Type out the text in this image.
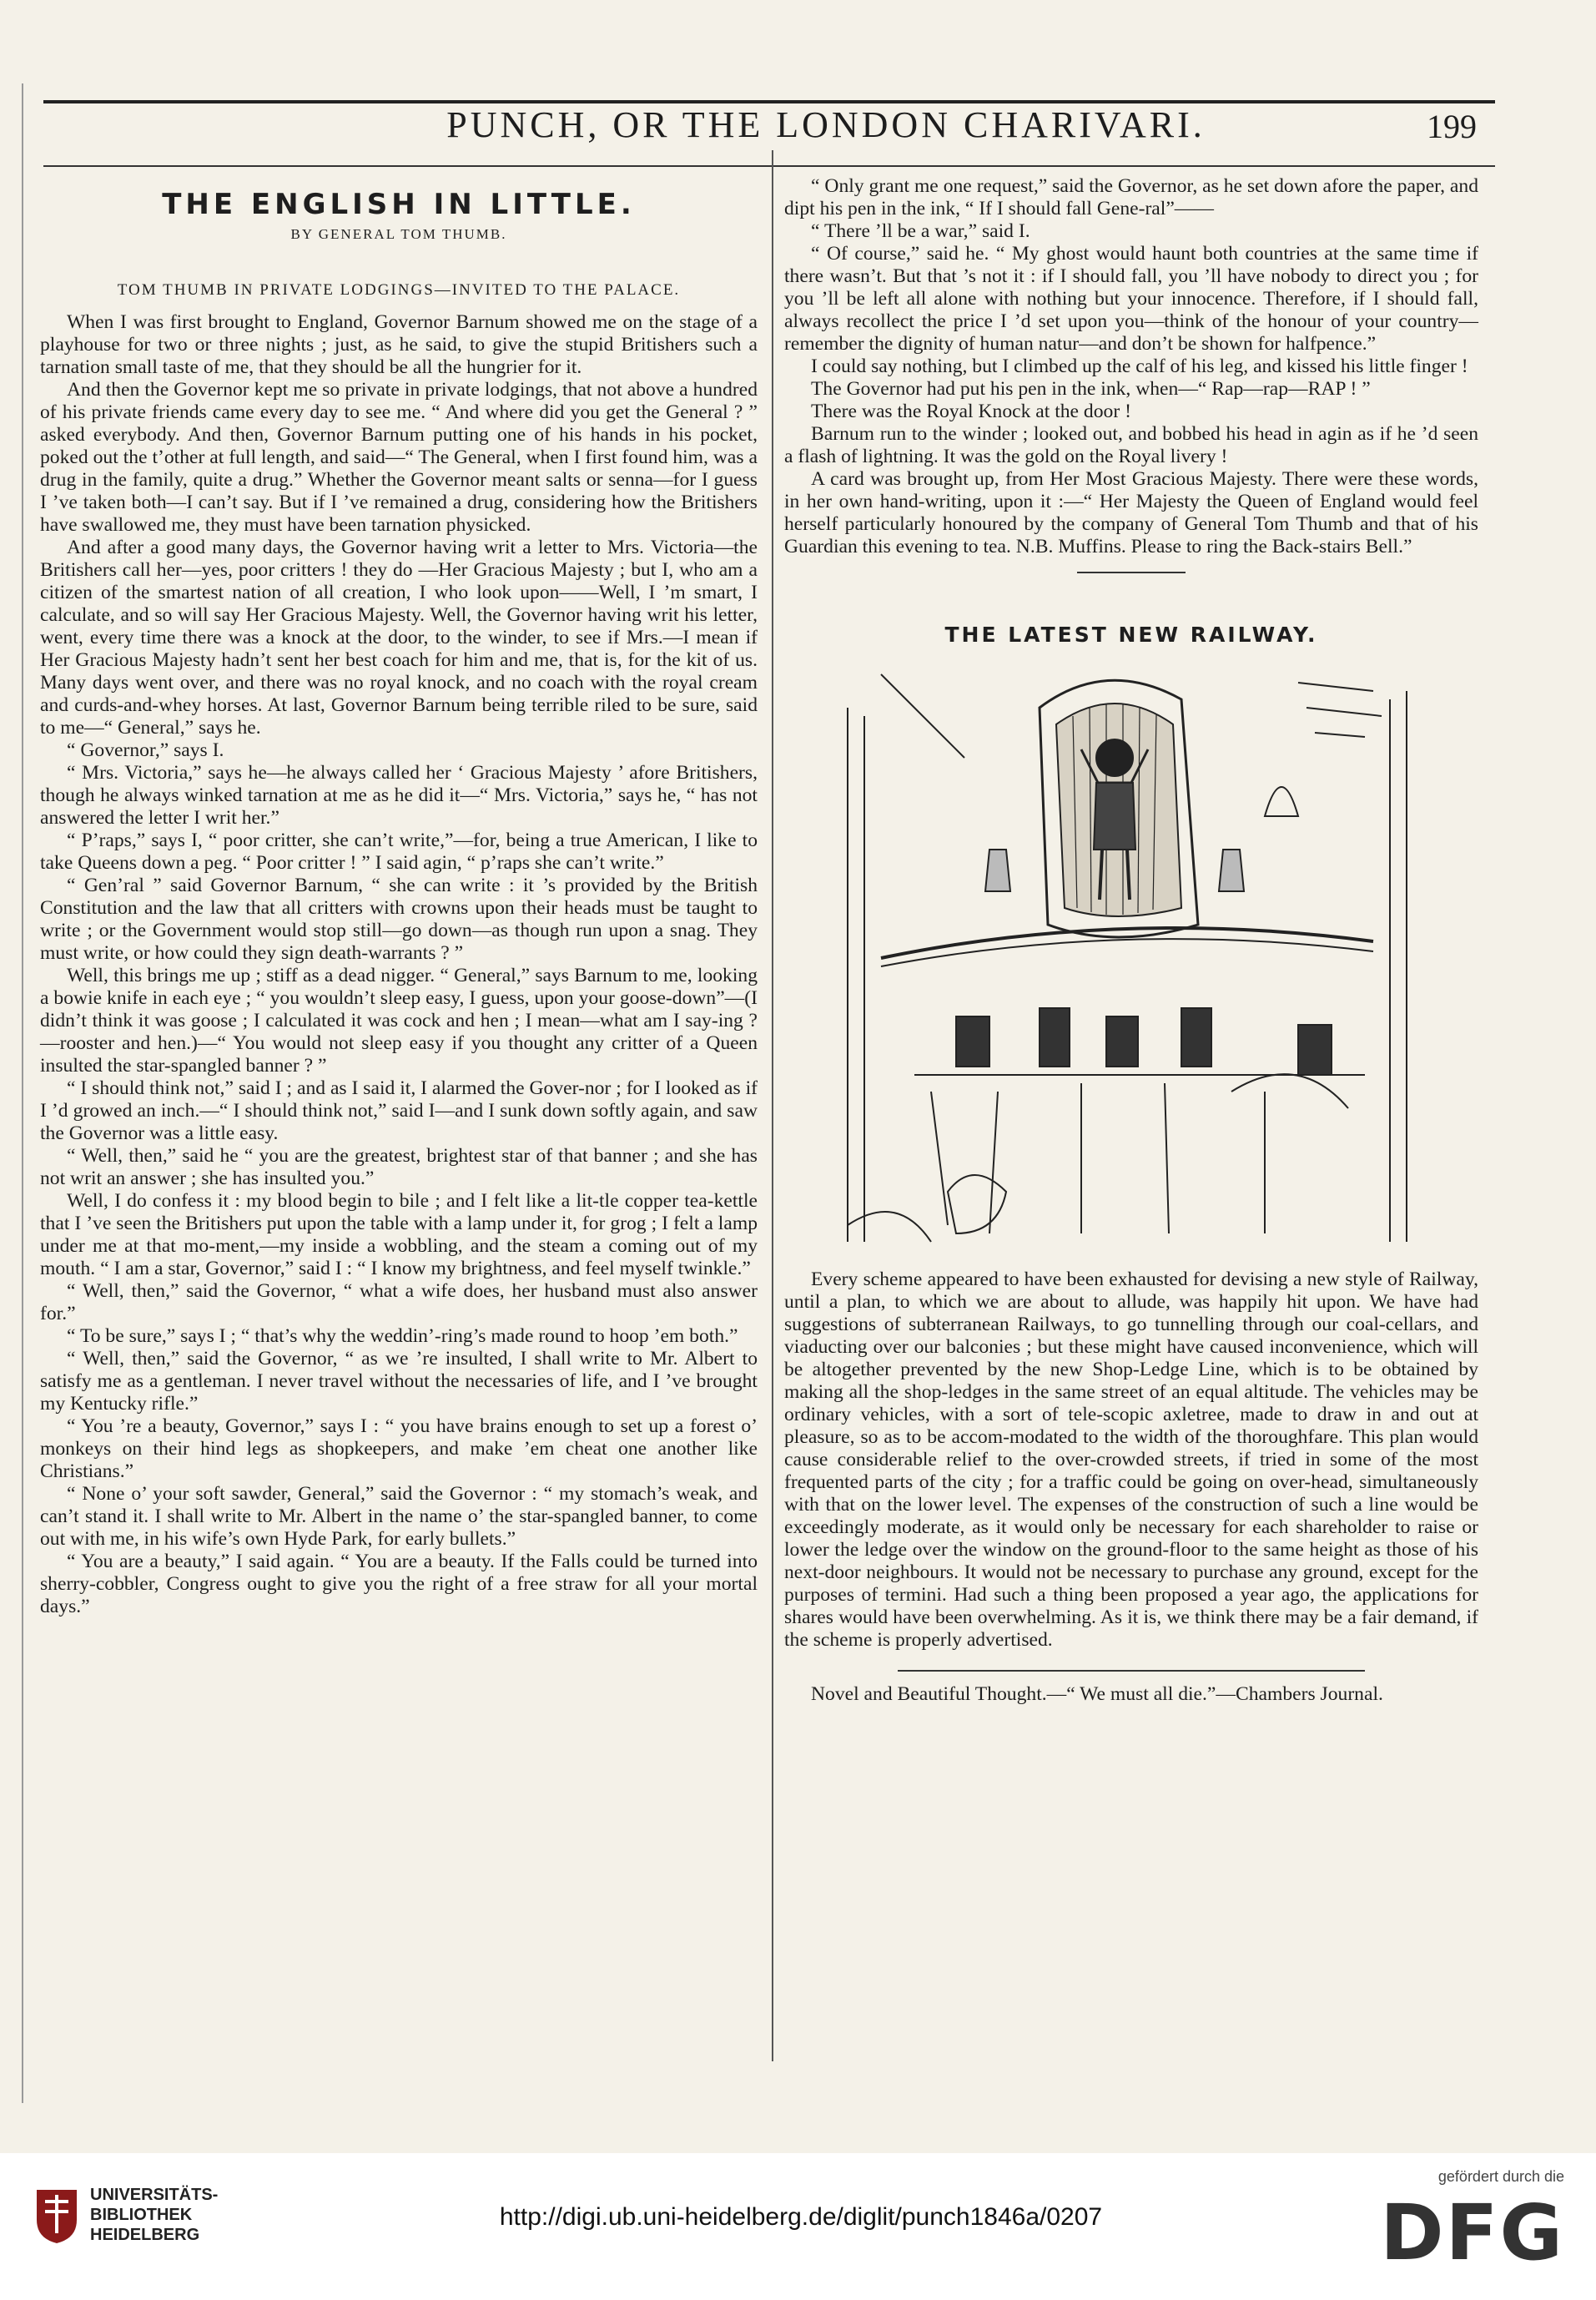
PUNCH, OR THE LONDON CHARIVARI.	199
THE ENGLISH IN LITTLE.
BY GENERAL TOM THUMB.
TOM THUMB IN PRIVATE LODGINGS—INVITED TO THE PALACE.

When I was first brought to England, Governor Barnum showed me on the stage of a playhouse for two or three nights ; just, as he said, to give the stupid Britishers such a tarnation small taste of me, that they should be all the hungrier for it.

And then the Governor kept me so private in private lodgings, that not above a hundred of his private friends came every day to see me. “ And where did you get the General ? ” asked everybody. And then, Governor Barnum putting one of his hands in his pocket, poked out the t’other at full length, and said—“ The General, when I first found him, was a drug in the family, quite a drug.” Whether the Governor meant salts or senna—for I guess I ’ve taken both—I can’t say. But if I ’ve remained a drug, considering how the Britishers have swallowed me, they must have been tarnation physicked.

And after a good many days, the Governor having writ a letter to Mrs. Victoria—the Britishers call her—yes, poor critters ! they do —Her Gracious Majesty ; but I, who am a citizen of the smartest nation of all creation, I who look upon——Well, I ’m smart, I calculate, and so will say Her Gracious Majesty. Well, the Governor having writ his letter, went, every time there was a knock at the door, to the winder, to see if Mrs.—I mean if Her Gracious Majesty hadn’t sent her best coach for him and me, that is, for the kit of us. Many days went over, and there was no royal knock, and no coach with the royal cream and curds-and-whey horses. At last, Governor Barnum being terrible riled to be sure, said to me—“ General,” says he.

“ Governor,” says I.

“ Mrs. Victoria,” says he—he always called her ‘ Gracious Majesty ’ afore Britishers, though he always winked tarnation at me as he did it—“ Mrs. Victoria,” says he, “ has not answered the letter I writ her.”

“ P’raps,” says I, “ poor critter, she can’t write,”—for, being a true American, I like to take Queens down a peg. “ Poor critter ! ” I said agin, “ p’raps she can’t write.”

“ Gen’ral ” said Governor Barnum, “ she can write : it ’s provided by the British Constitution and the law that all critters with crowns upon their heads must be taught to write ; or the Government would stop still—go down—as though run upon a snag. They must write, or how could they sign death-warrants ? ”

Well, this brings me up ; stiff as a dead nigger. “ General,” says Barnum to me, looking a bowie knife in each eye ; “ you wouldn’t sleep easy, I guess, upon your goose-down”—(I didn’t think it was goose ; I calculated it was cock and hen ; I mean—what am I say-ing ?—rooster and hen.)—“ You would not sleep easy if you thought any critter of a Queen insulted the star-spangled banner ? ”

“ I should think not,” said I ; and as I said it, I alarmed the Gover-nor ; for I looked as if I ’d growed an inch.—“ I should think not,” said I—and I sunk down softly again, and saw the Governor was a little easy.

“ Well, then,” said he “ you are the greatest, brightest star of that banner ; and she has not writ an answer ; she has insulted you.”

Well, I do confess it : my blood begin to bile ; and I felt like a lit-tle copper tea-kettle that I ’ve seen the Britishers put upon the table with a lamp under it, for grog ; I felt a lamp under me at that mo-ment,—my inside a wobbling, and the steam a coming out of my mouth. “ I am a star, Governor,” said I : “ I know my brightness, and feel myself twinkle.”

“ Well, then,” said the Governor, “ what a wife does, her husband must also answer for.”

“ To be sure,” says I ; “ that’s why the weddin’-ring’s made round to hoop ’em both.”

“ Well, then,” said the Governor, “ as we ’re insulted, I shall write to Mr. Albert to satisfy me as a gentleman. I never travel without the necessaries of life, and I ’ve brought my Kentucky rifle.”

“ You ’re a beauty, Governor,” says I : “ you have brains enough to set up a forest o’ monkeys on their hind legs as shopkeepers, and make ’em cheat one another like Christians.”

“ None o’ your soft sawder, General,” said the Governor : “ my stomach’s weak, and can’t stand it. I shall write to Mr. Albert in the name o’ the star-spangled banner, to come out with me, in his wife’s own Hyde Park, for early bullets.”

“ You are a beauty,” I said again. “ You are a beauty. If the Falls could be turned into sherry-cobbler, Congress ought to give you the right of a free straw for all your mortal days.”

“ Only grant me one request,” said the Governor, as he set down afore the paper, and dipt his pen in the ink, “ If I should fall Gene-ral”——

“ There ’ll be a war,” said I.

“ Of course,” said he. “ My ghost would haunt both countries at the same time if there wasn’t. But that ’s not it : if I should fall, you ’ll have nobody to direct you ; for you ’ll be left all alone with nothing but your innocence. Therefore, if I should fall, always recollect the price I ’d set upon you—think of the honour of your country—remember the dignity of human natur—and don’t be shown for halfpence.”

I could say nothing, but I climbed up the calf of his leg, and kissed his little finger !

The Governor had put his pen in the ink, when—“ Rap—rap—RAP ! ”

There was the Royal Knock at the door !

Barnum run to the winder ; looked out, and bobbed his head in agin as if he ’d seen a flash of lightning. It was the gold on the Royal livery !

A card was brought up, from Her Most Gracious Majesty. There were these words, in her own hand-writing, upon it :—“ Her Majesty the Queen of England would feel herself particularly honoured by the company of General Tom Thumb and that of his Guardian this evening to tea. N.B. Muffins. Please to ring the Back-stairs Bell.”

THE LATEST NEW RAILWAY.

Every scheme appeared to have been exhausted for devising a new style of Railway, until a plan, to which we are about to allude, was happily hit upon. We have had suggestions of subterranean Railways, to go tunnelling through our coal-cellars, and viaducting over our balconies ; but these might have caused inconvenience, which will be altogether prevented by the new Shop-Ledge Line, which is to be obtained by making all the shop-ledges in the same street of an equal altitude. The vehicles may be ordinary vehicles, with a sort of tele-scopic axletree, made to draw in and out at pleasure, so as to be accom-modated to the width of the thoroughfare. This plan would cause considerable relief to the over-crowded streets, if tried in some of the most frequented parts of the city ; for a traffic could be going on over-head, simultaneously with that on the lower level. The expenses of the construction of such a line would be exceedingly moderate, as it would only be necessary for each shareholder to raise or lower the ledge over the window on the ground-floor to the same height as those of his next-door neighbours. It would not be necessary to purchase any ground, except for the purposes of termini. Had such a thing been proposed a year ago, the applications for shares would have been overwhelming. As it is, we think there may be a fair demand, if the scheme is properly advertised.

Novel and Beautiful Thought.—“ We must all die.”—Chambers Journal.

UNIVERSITÄTS-
BIBLIOTHEK
HEIDELBERG
http://digi.ub.uni-heidelberg.de/diglit/punch1846a/0207
gefördert durch die
DFG
